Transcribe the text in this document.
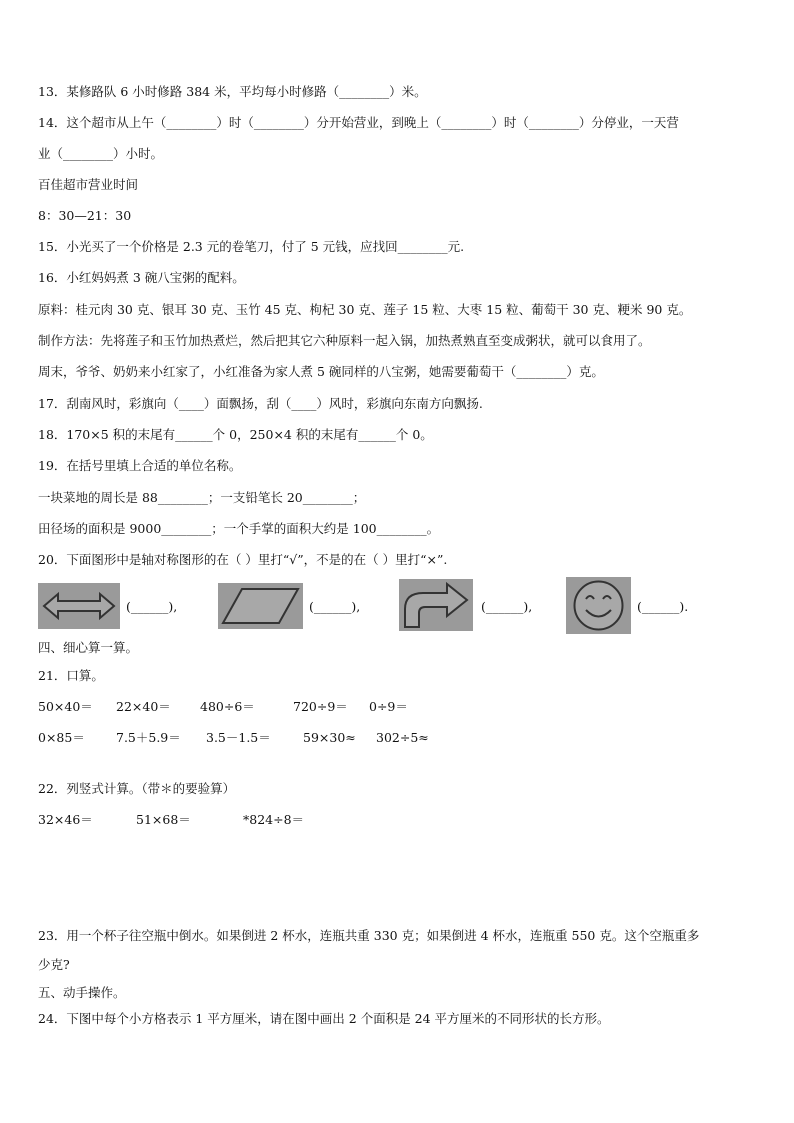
13．某修路队 6 小时修路 384 米，平均每小时修路（________）米。
14．这个超市从上午（________）时（________）分开始营业，到晚上（________）时（________）分停业，一天营
业（________）小时。
百佳超市营业时间
8：30—21：30
15．小光买了一个价格是 2.3 元的卷笔刀，付了 5 元钱，应找回________元.
16．小红妈妈煮 3 碗八宝粥的配料。
原料：桂元肉 30 克、银耳 30 克、玉竹 45 克、枸杞 30 克、莲子 15 粒、大枣 15 粒、葡萄干 30 克、粳米 90 克。
制作方法：先将莲子和玉竹加热煮烂，然后把其它六种原料一起入锅，加热煮熟直至变成粥状，就可以食用了。
周末，爷爷、奶奶来小红家了，小红准备为家人煮 5 碗同样的八宝粥，她需要葡萄干（________）克。
17．刮南风时，彩旗向（____）面飘扬，刮（____）风时，彩旗向东南方向飘扬.
18．170×5 积的末尾有______个 0，250×4 积的末尾有______个 0。
19．在括号里填上合适的单位名称。
一块菜地的周长是 88________；一支铅笔长 20________；
田径场的面积是 9000________；一个手掌的面积大约是 100________。
20．下面图形中是轴对称图形的在（ ）里打“√”，不是的在（ ）里打“×”.
(______),	(______),	(______),	(______).
四、细心算一算。
21．口算。
50×40＝ 22×40＝ 480÷6＝	720÷9＝ 0÷9＝
0×85＝ 7.5＋5.9＝ 3.5－1.5＝	59×30≈ 302÷5≈
22．列竖式计算。（带＊的要验算）
32×46＝	51×68＝	*824÷8＝
23．用一个杯子往空瓶中倒水。如果倒进 2 杯水，连瓶共重 330 克；如果倒进 4 杯水，连瓶重 550 克。这个空瓶重多
少克?
五、动手操作。
24．下图中每个小方格表示 1 平方厘米，请在图中画出 2 个面积是 24 平方厘米的不同形状的长方形。
